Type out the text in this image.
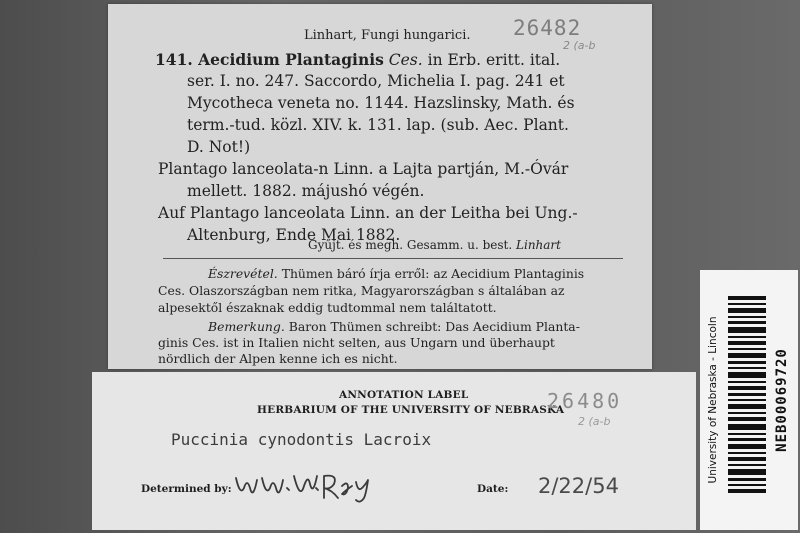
Linhart, Fungi hungarici. 26482
2 (a-b
141. Aecidium Plantaginis Ces. in Erb. eritt. ital.
ser. I. no. 247. Saccordo, Michelia I. pag. 241 et
Mycotheca veneta no. 1144. Hazslinsky, Math. és
term.-tud. közl. XIV. k. 131. lap. (sub. Aec. Plant.
D. Not!)
Plantago lanceolata-n Linn. a Lajta partján, M.-Óvár
mellett. 1882. májushó végén.
Auf Plantago lanceolata Linn. an der Leitha bei Ung.-
Altenburg, Ende Mai 1882.
Gyűjt. és megh. Gesamm. u. best. Linhart
Észrevétel. Thümen báró írja erről: az Aecidium Plantaginis
Ces. Olaszországban nem ritka, Magyarországban s általában az
alpesektől északnak eddig tudtommal nem találtatott.
Bemerkung. Baron Thümen schreibt: Das Aecidium Planta-
ginis Ces. ist in Italien nicht selten, aus Ungarn und überhaupt
nördlich der Alpen kenne ich es nicht.
ANNOTATION LABEL
HERBARIUM OF THE UNIVERSITY OF NEBRASKA
26480
2 (a-b
Puccinia cynodontis Lacroix
Determined by:	Date: 2/22/54
University of Nebraska - Lincoln	NEB00069720
